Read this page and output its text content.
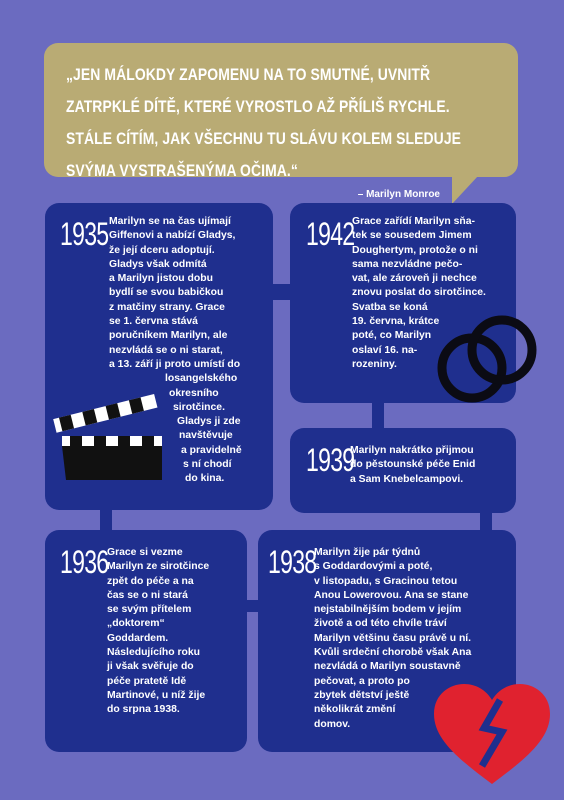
„JEN MÁLOKDY ZAPOMENU NA TO SMUTNÉ, UVNITŘ ZATRPKLÉ DÍTĚ, KTERÉ VYROSTLO AŽ PŘÍLIŠ RYCHLE. STÁLE CÍTÍM, JAK VŠECHNU TU SLÁVU KOLEM SLEDUJE SVÝMA VYSTRAŠENÝMA OČIMA.“
– Marilyn Monroe
1935 Marilyn se na čas ujímají
Giffenovi a nabízí Gladys,
že její dceru adoptují.
Gladys však odmítá
a Marilyn jistou dobu
bydlí se svou babičkou
z matčiny strany. Grace
se 1. června stává
poručníkem Marilyn, ale
nezvládá se o ni starat,
a 13. září ji proto umístí do
losangelského
okresního
sirotčince.
Gladys ji zde
navštěvuje
a pravidelně
s ní chodí
do kina.
1942
Grace zařídí Marilyn sňa-
tek se sousedem Jimem
Doughertym, protože o ni
sama nezvládne pečo-
vat, ale zároveň ji nechce
znovu poslat do sirotčince.
Svatba se koná
19. června, krátce
poté, co Marilyn
oslaví 16. na-
rozeniny.
1939
Marilyn nakrátko přijmou
do pěstounské péče Enid
a Sam Knebelcampovi.
1936
Grace si vezme
Marilyn ze sirotčince
zpět do péče a na
čas se o ni stará
se svým přítelem
„doktorem“
Goddardem.
Následujícího roku
ji však svěřuje do
péče pratetě Idě
Martinové, u níž žije
do srpna 1938.
1938
Marilyn žije pár týdnů
s Goddardovými a poté,
v listopadu, s Gracinou tetou
Anou Lowerovou. Ana se stane
nejstabilnějším bodem v jejím
životě a od této chvíle tráví
Marilyn většinu času právě u ní.
Kvůli srdeční chorobě však Ana
nezvládá o Marilyn soustavně
pečovat, a proto po
zbytek dětství ještě
několikrát změní
domov.
